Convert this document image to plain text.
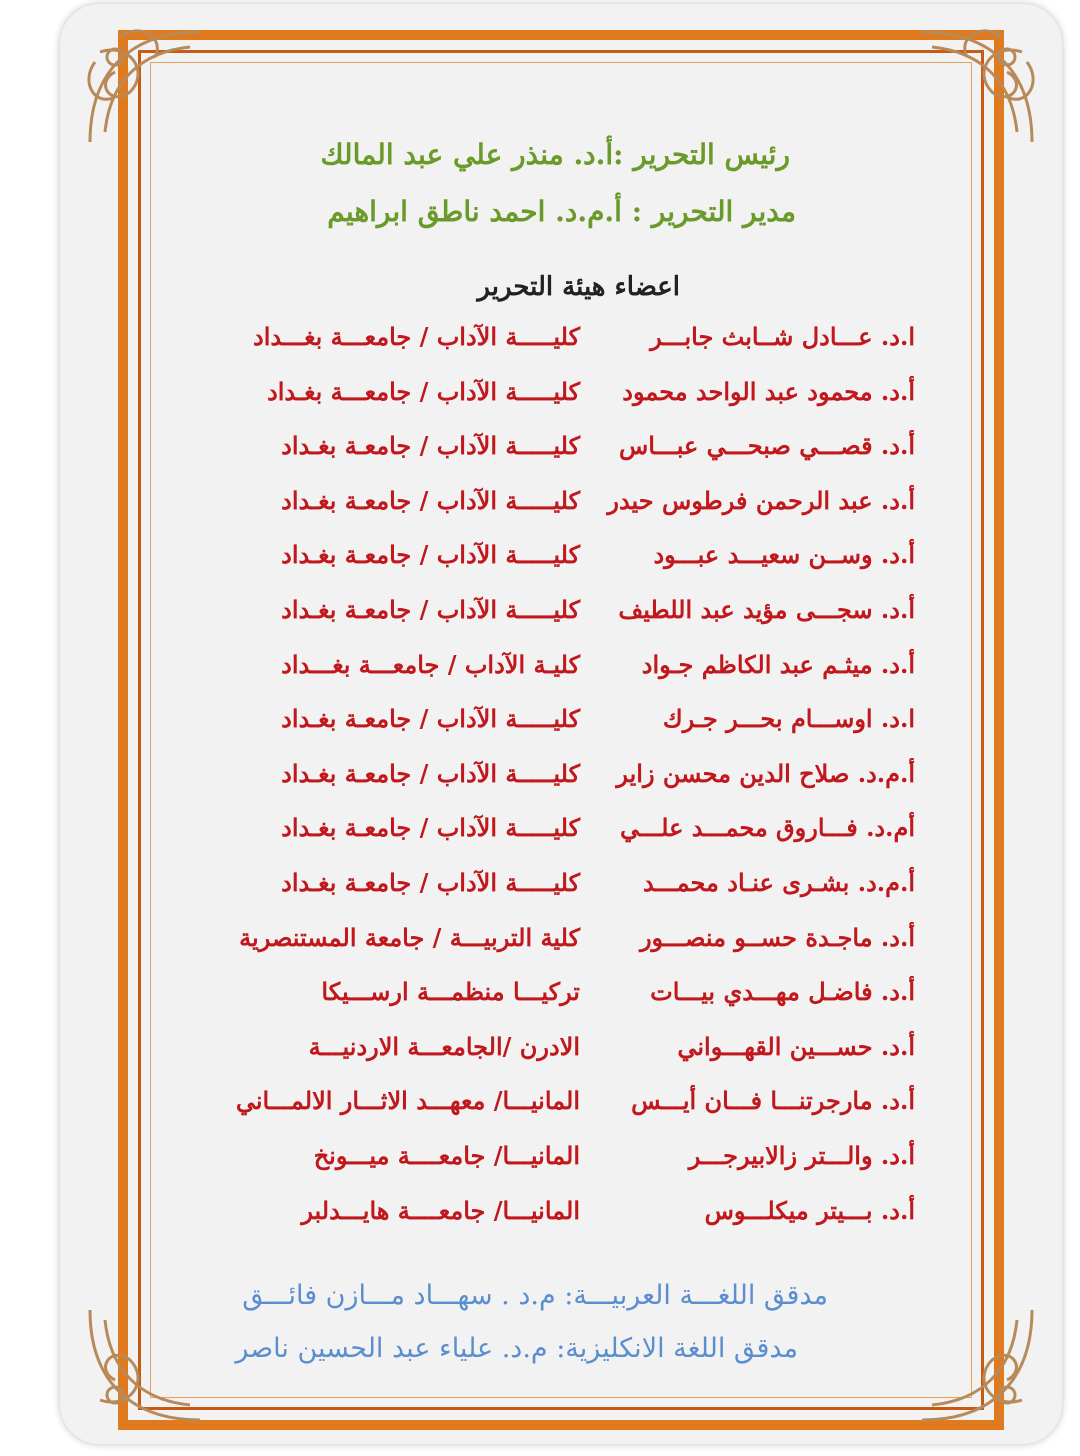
رئيس التحرير :أ.د. منذر علي عبد المالك
مدير التحرير : أ.م.د. احمد ناطق ابراهيم
اعضاء هيئة التحرير
ا.د. عـــادل شــابث جابـــر
كليـــــة الآداب / جامعـــة بغـــداد
أ.د. محمود عبد الواحد محمود
كليـــــة الآداب / جامعـــة بغـداد
أ.د. قصـــي صبحـــي عبـــاس
كليـــــة الآداب / جامعـة بغـداد
أ.د. عبد الرحمن فرطوس حيدر
كليـــــة الآداب / جامعـة بغـداد
أ.د. وســن سعيـــد عبـــود
كليـــــة الآداب / جامعـة بغـداد
أ.د. سجـــى مؤيد عبد اللطيف
كليـــــة الآداب / جامعـة بغـداد
أ.د. ميثـم عبد الكاظم جـواد
كليـة الآداب / جامعـــة بغـــداد
ا.د. اوســـام بحـــر جـرك
كليـــــة الآداب / جامعـة بغـداد
أ.م.د. صلاح الدين محسن زاير
كليـــــة الآداب / جامعـة بغـداد
أم.د. فـــاروق محمـــد علـــي
كليـــــة الآداب / جامعـة بغـداد
أ.م.د. بشـرى عنـاد محمـــد
كليـــــة الآداب / جامعـة بغـداد
أ.د. ماجـدة حســو منصـــور
كلية التربيـــة / جامعة المستنصرية
أ.د. فاضـل مهـــدي بيـــات
تركيـــا منظمـــة ارســـيكا
أ.د. حســـين القهـــواني
الادرن /الجامعـــة الاردنيـــة
أ.د. مارجرتنـــا فـــان أيـــس
المانيـــا/ معهـــد الاثـــار الالمـــاني
أ.د. والـــتر زالابيرجـــر
المانيـــا/ جامعــــة ميـــونخ
أ.د. بـــيتر ميكلـــوس
المانيـــا/ جامعــــة هايـــدلبر
مدقق اللغـــة العربيـــة: م.د . سهـــاد مـــازن فائـــق
مدقق اللغة الانكليزية: م.د. علياء عبد الحسين ناصر
